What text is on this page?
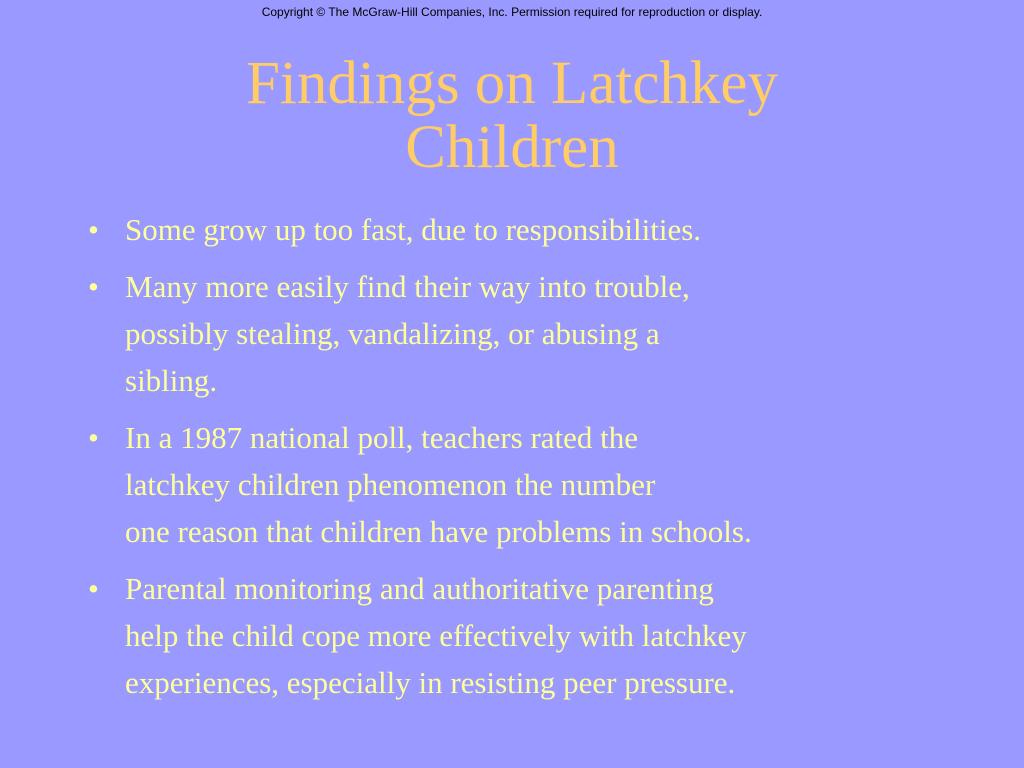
Copyright © The McGraw-Hill Companies, Inc. Permission required for reproduction or display.
Findings on Latchkey
Children
• Some grow up too fast, due to responsibilities.
• Many more easily find their way into trouble,
possibly stealing, vandalizing, or abusing a
sibling.
• In a 1987 national poll, teachers rated the
latchkey children phenomenon the number
one reason that children have problems in schools.
• Parental monitoring and authoritative parenting
help the child cope more effectively with latchkey
experiences, especially in resisting peer pressure.
